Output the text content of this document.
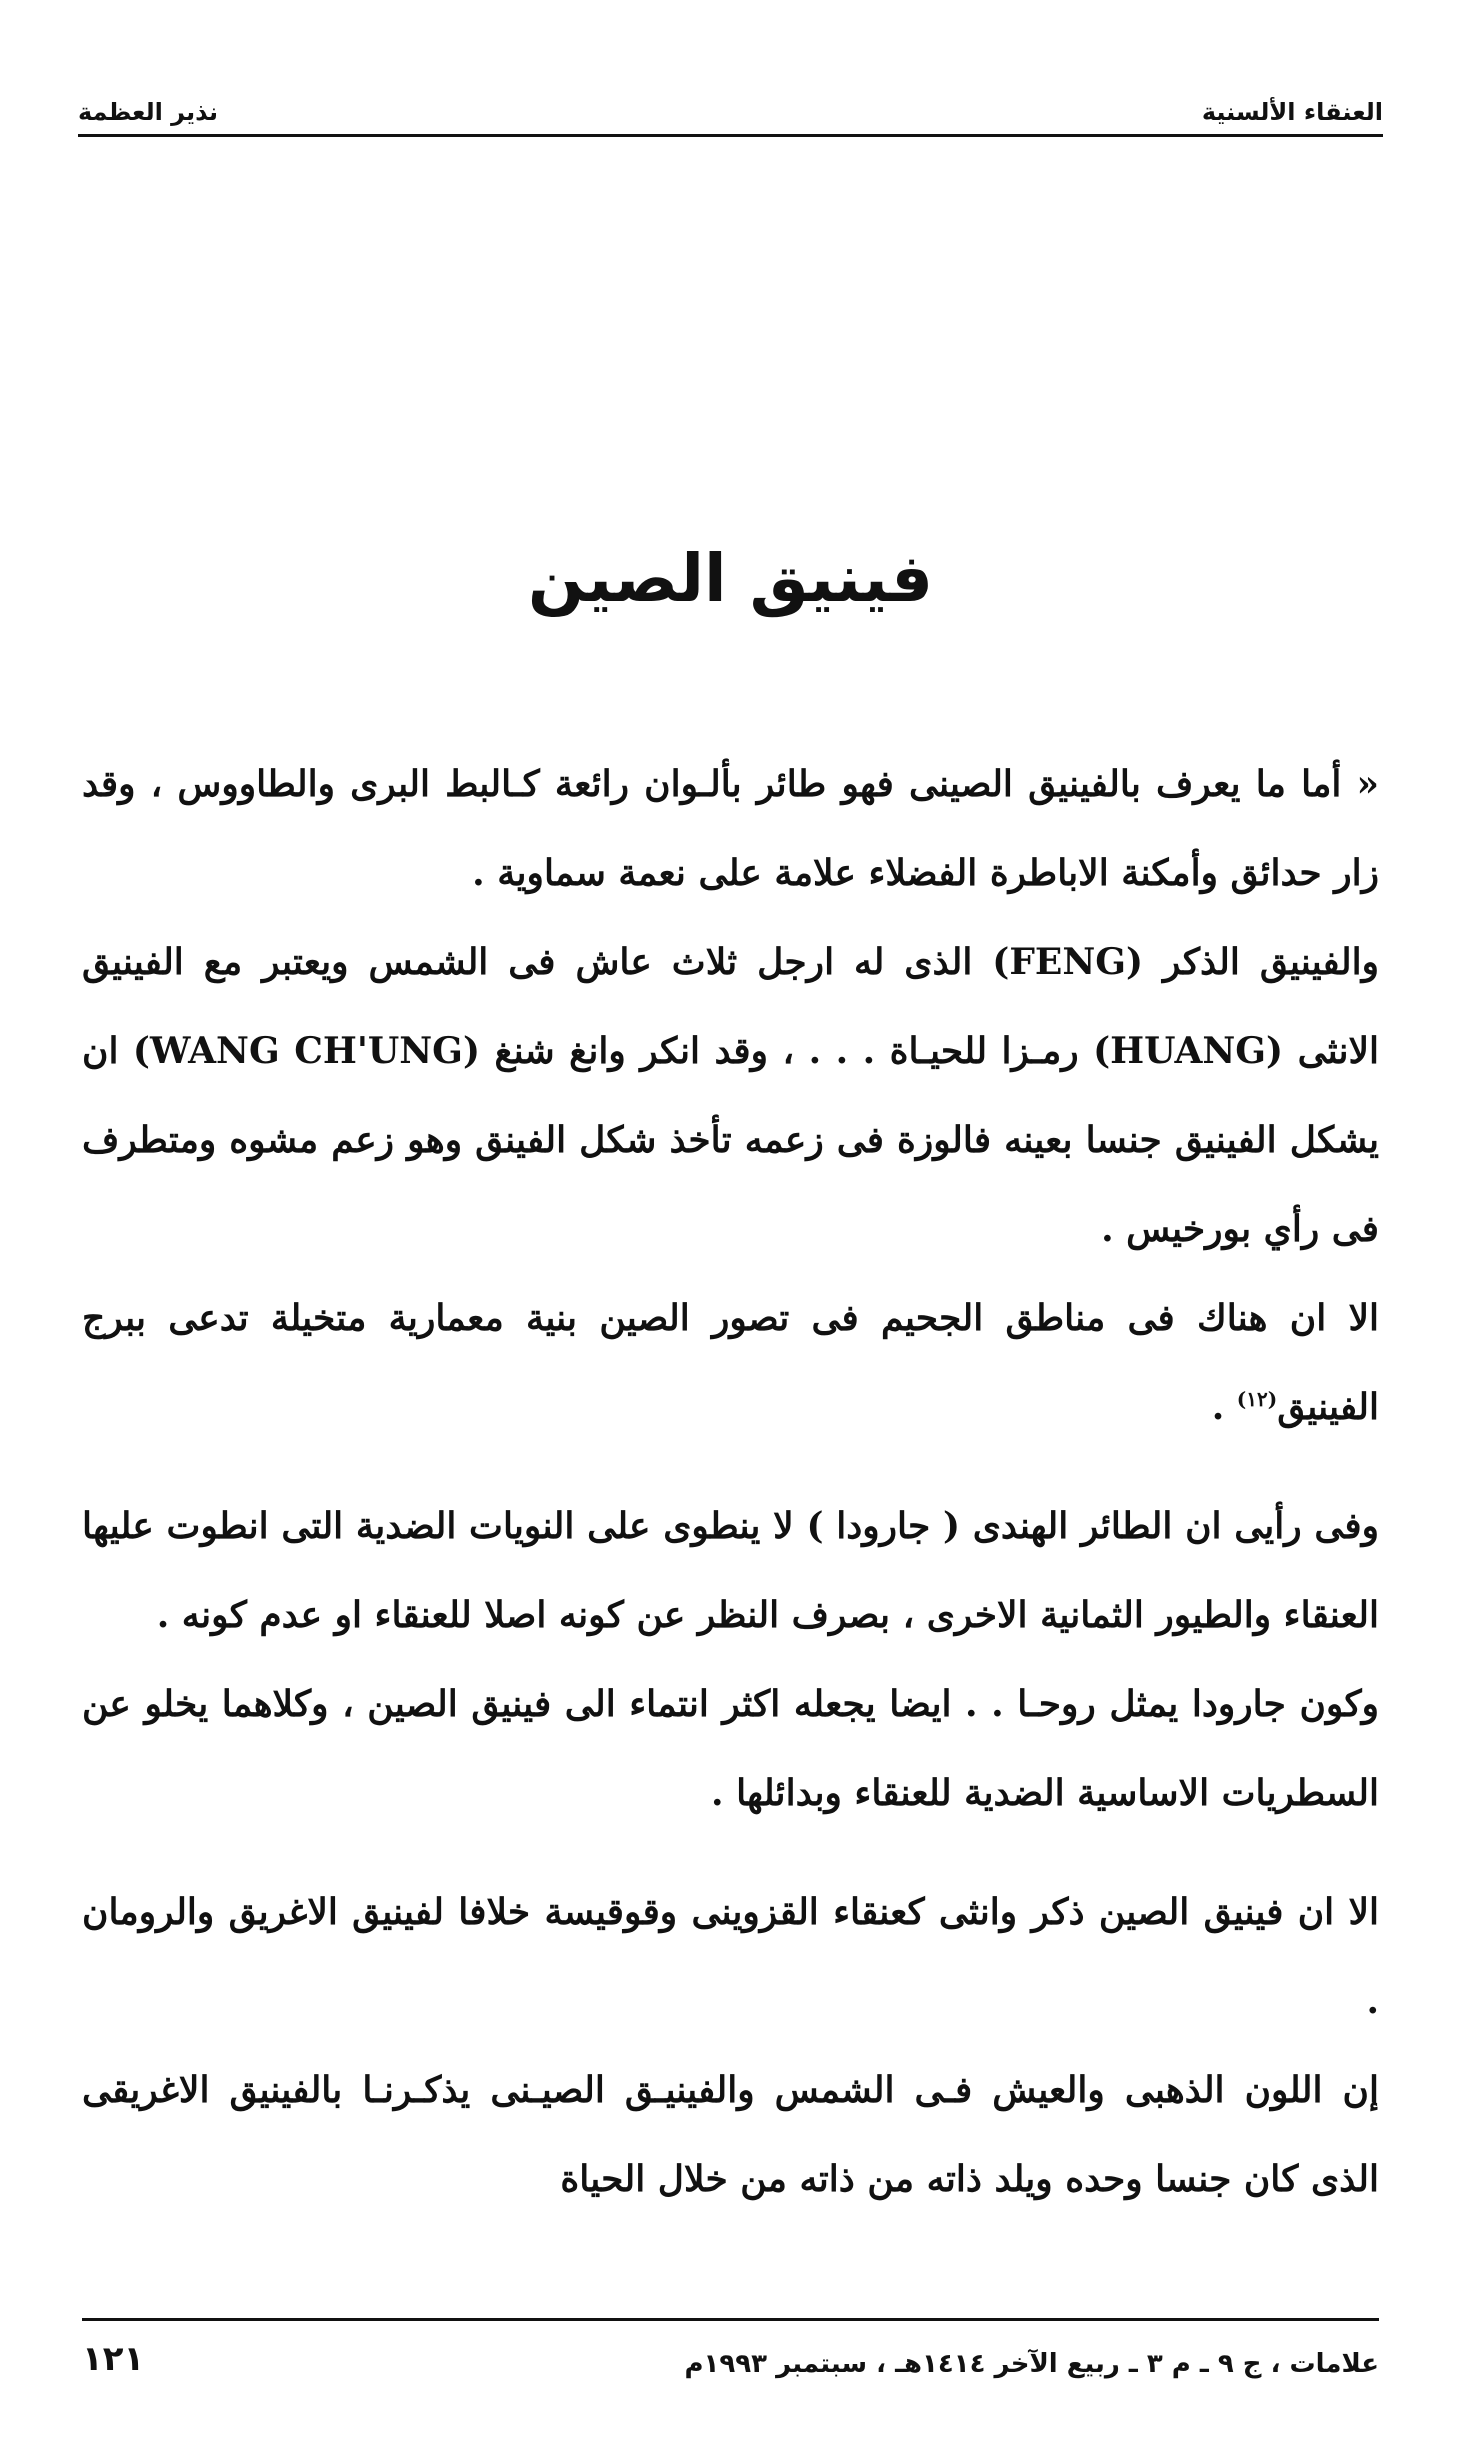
العنقاء الألسنية
نذير العظمة
فينيق الصين

« أما ما يعرف بالفينيق الصينى فهو طائر بألـوان رائعة كـالبط البرى والطاووس ، وقد زار حدائق وأمكنة الاباطرة الفضلاء علامة على نعمة سماوية .

والفينيق الذكر (FENG) الذى له ارجل ثلاث عاش فى الشمس ويعتبر مع الفينيق الانثى (HUANG) رمـزا للحيـاة . . . ، وقد انكر وانغ شنغ (WANG CH'UNG) ان يشكل الفينيق جنسا بعينه فالوزة فى زعمه تأخذ شكل الفينق وهو زعم مشوه ومتطرف فى رأي بورخيس .

الا ان هناك فى مناطق الجحيم فى تصور الصين بنية معمارية متخيلة تدعى ببرج الفينيق$^{(١٢)}$ .

وفى رأيى ان الطائر الهندى ( جارودا ) لا ينطوى على النويات الضدية التى انطوت عليها العنقاء والطيور الثمانية الاخرى ، بصرف النظر عن كونه اصلا للعنقاء او عدم كونه .

وكون جارودا يمثل روحـا . . ايضا يجعله اكثر انتماء الى فينيق الصين ، وكلاهما يخلو عن السطريات الاساسية الضدية للعنقاء وبدائلها .

الا ان فينيق الصين ذكر وانثى كعنقاء القزوينى وقوقيسة خلافا لفينيق الاغريق والرومان .

إن اللون الذهبى والعيش فـى الشمس والفينيـق الصيـنى يذكـرنـا بالفينيق الاغريقى الذى كان جنسا وحده ويلد ذاته من ذاته من خلال الحياة

علامات ، ج ٩ ـ م ٣ ـ ربيع الآخر ١٤١٤هـ ، سبتمبر ١٩٩٣م
١٢١
